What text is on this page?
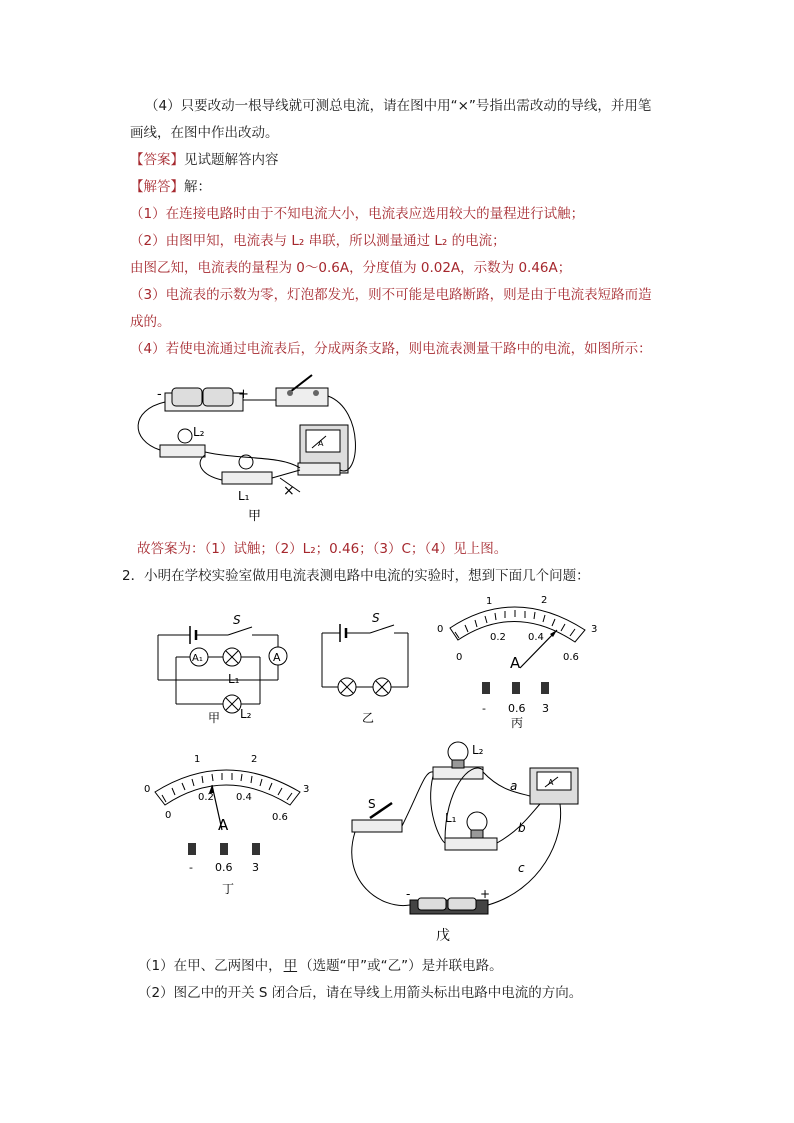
（4）只要改动一根导线就可测总电流，请在图中用“×”号指出需改动的导线，并用笔
画线，在图中作出改动。
【答案】见试题解答内容
【解答】解：
（1）在连接电路时由于不知电流大小，电流表应选用较大的量程进行试触；
（2）由图甲知，电流表与 L₂ 串联，所以测量通过 L₂ 的电流；
由图乙知，电流表的量程为 0～0.6A，分度值为 0.02A，示数为 0.46A；
（3）电流表的示数为零，灯泡都发光，则不可能是电路断路，则是由于电流表短路而造
成的。
（4）若使电流通过电流表后，分成两条支路，则电流表测量干路中的电流，如图所示：
-	+
L₂
L₁
A
×
甲
故答案为：（1）试触；（2）L₂；0.46；（3）C；（4）见上图。
2．小明在学校实验室做用电流表测电路中电流的实验时，想到下面几个问题：
S
A₁	A
L₁
L₂
甲
S
乙
1	2
3
0
0
0.2 0.4
0.6
A
- 0.6 3
丙
1	2
3
0
0
0.2 0.4
0.6
A
- 0.6 3
丁
L₂
L₁
S
A
-	+
a
b
c
戊
（1）在甲、乙两图中， 甲 （选题“甲”或“乙”）是并联电路。
（2）图乙中的开关 S 闭合后，请在导线上用箭头标出电路中电流的方向。
